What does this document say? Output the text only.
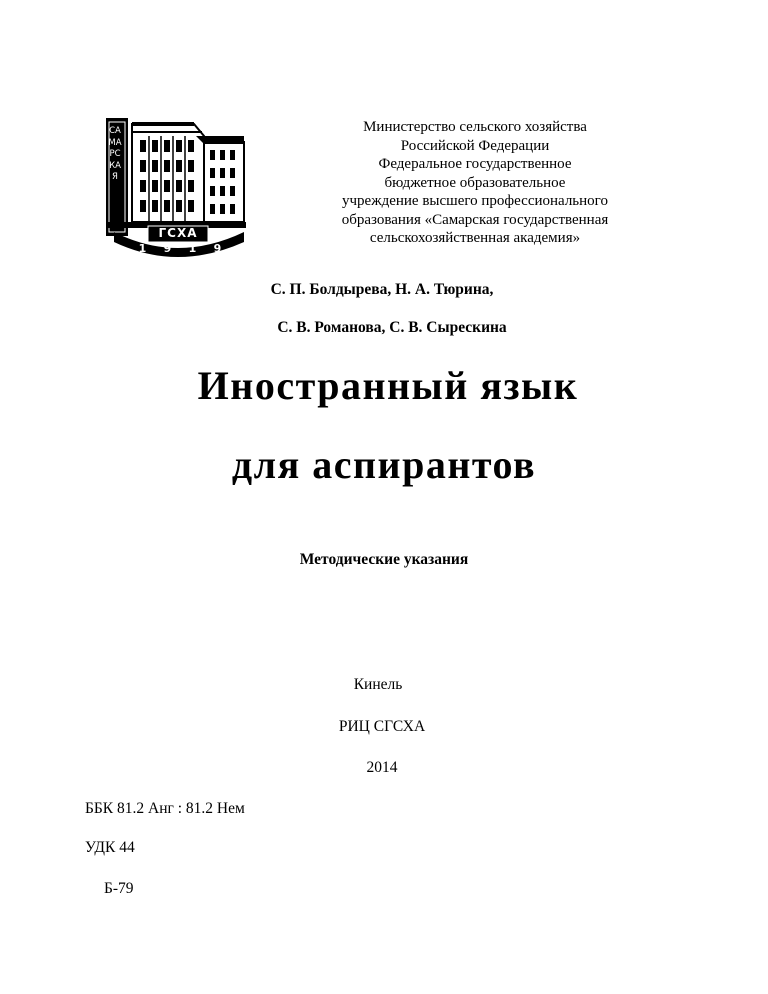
САМАРСКАЯ
ГСХА
1 9 1 9
Министерство сельского хозяйства
Российской Федерации
Федеральное государственное
бюджетное образовательное
учреждение высшего профессионального
образования «Самарская государственная
сельскохозяйственная академия»
С. П. Болдырева, Н. А. Тюрина,
С. В. Романова, С. В. Сырескина
Иностранный язык
для аспирантов
Методические указания
Кинель
РИЦ СГСХА
2014
ББК 81.2 Анг : 81.2 Нем
УДК 44
Б-79
